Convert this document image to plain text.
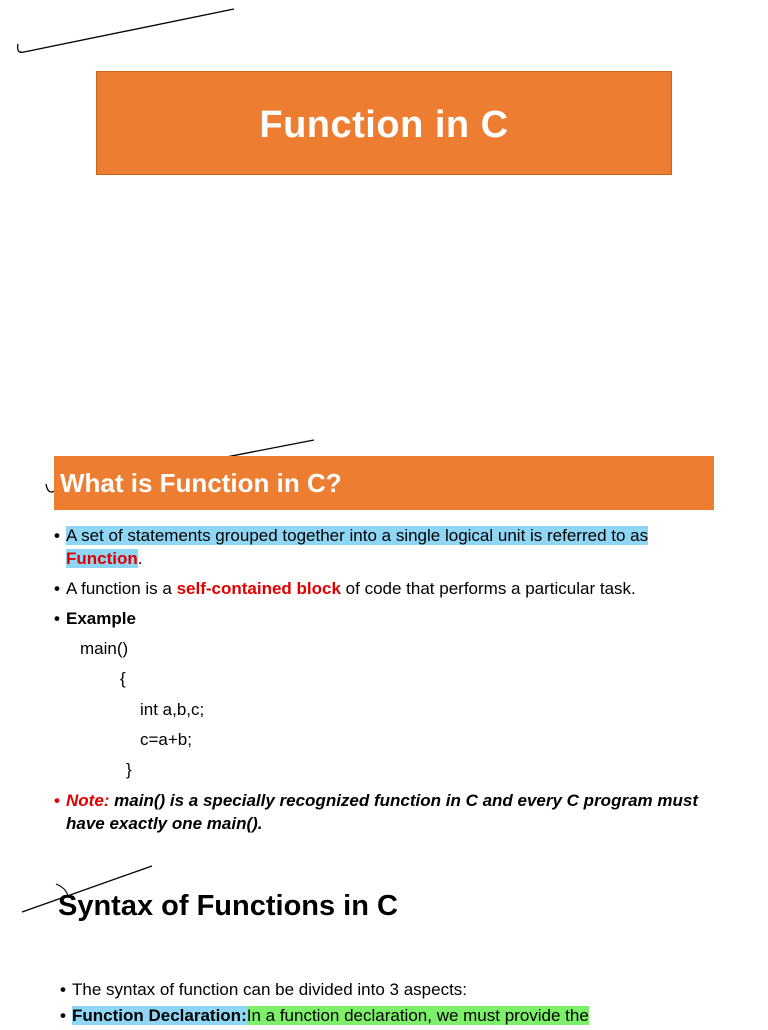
Function in C
What is Function in C?
• A set of statements grouped together into a single logical unit is referred to as Function.
• A function is a self-contained block of code that performs a particular task.
• Example
main()
{
int a,b,c;
c=a+b;
}
• Note: main() is a specially recognized function in C and every C program must have exactly one main().
Syntax of Functions in C
• The syntax of function can be divided into 3 aspects:
• Function Declaration:In a function declaration, we must provide the
